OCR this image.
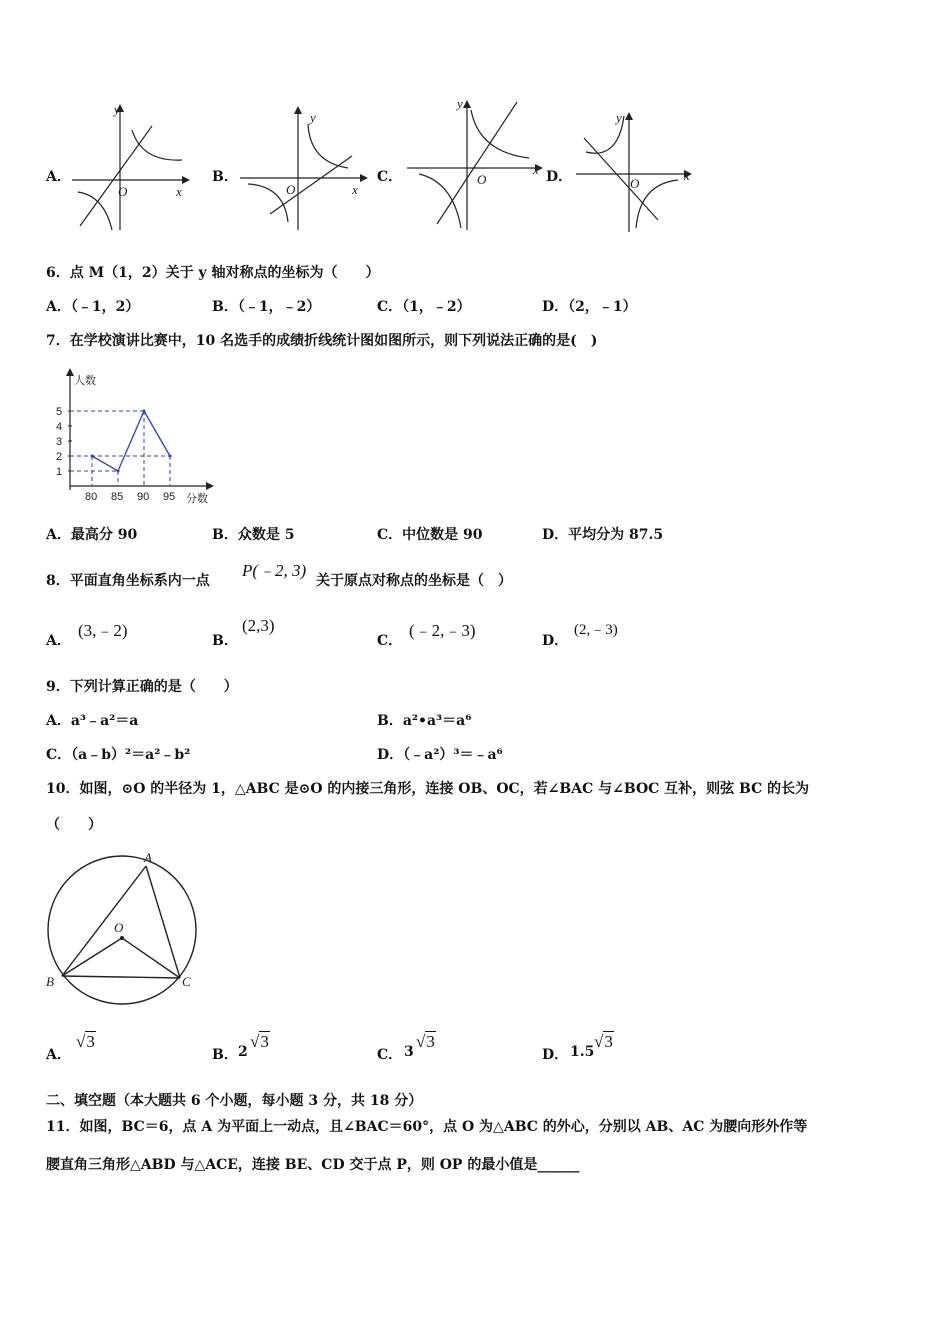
A．
y
x
O
B．
y
x
O
C．
y
x
O	D．
y
x
O
6．点 M（1，2）关于 y 轴对称点的坐标为（　　）
A．（﹣1，2）	B．（﹣1，﹣2）	C．（1，﹣2）	D．（2，﹣1）
7．在学校演讲比赛中，10 名选手的成绩折线统计图如图所示，则下列说法正确的是(　)
人数
分数
1
2
3
4
5
80 85 90 95
A．最高分 90	B．众数是 5	C．中位数是 90	D．平均分为 87.5
8．平面直角坐标系内一点
P(﹣2, 3)
关于原点对称点的坐标是（　）
A．
(3,﹣2)
B．
(2,3)
C．
(﹣2,﹣3)
D．
(2,﹣3)
9．下列计算正确的是（　　）
A．a³﹣a²＝a	B．a²•a³＝a⁶
C．（a﹣b）²＝a²﹣b²	D．（﹣a²）³＝﹣a⁶
10．如图，⊙O 的半径为 1，△ABC 是⊙O 的内接三角形，连接 OB、OC，若∠BAC 与∠BOC 互补，则弦 BC 的长为
（　　）
A
B	C
O
A．
√3
B． 2
√3
C． 3
√3
D． 1.5
√3
二、填空题（本大题共 6 个小题，每小题 3 分，共 18 分）
11．如图，BC＝6，点 A 为平面上一动点，且∠BAC＝60°，点 O 为△ABC 的外心，分别以 AB、AC 为腰向形外作等
腰直角三角形△ABD 与△ACE，连接 BE、CD 交于点 P，则 OP 的最小值是______
